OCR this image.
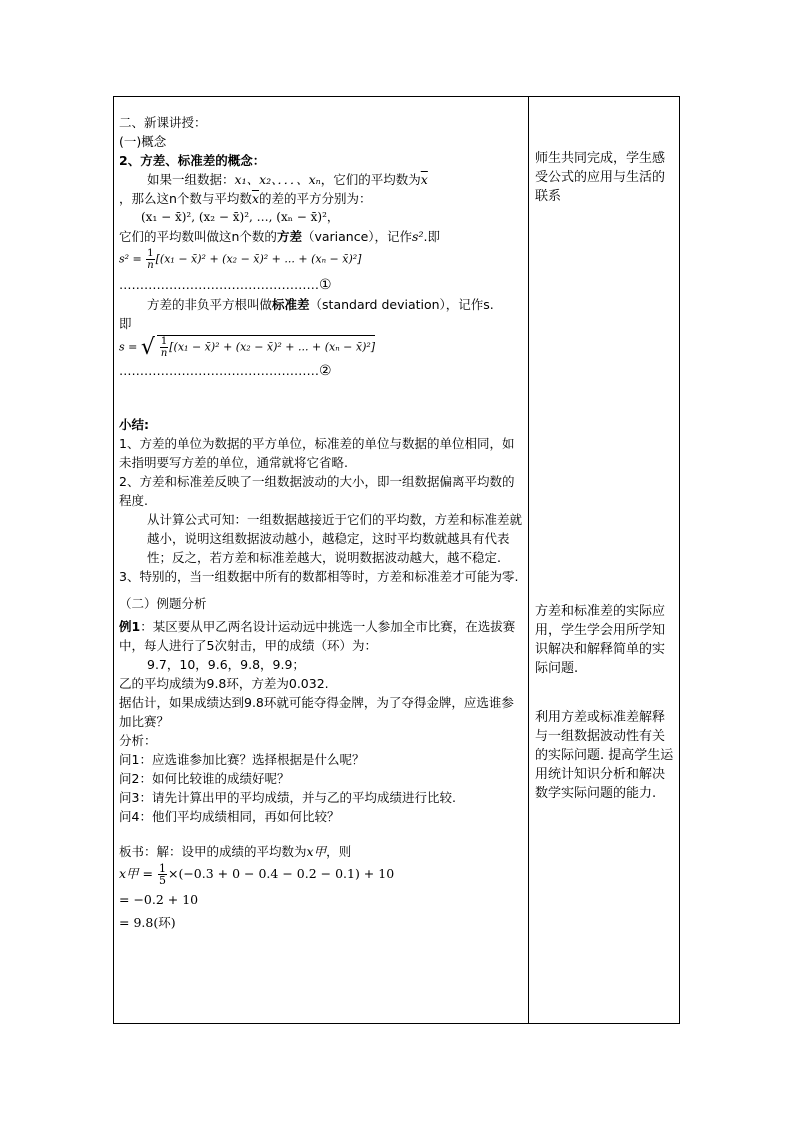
二、新课讲授：

(一)概念

2、方差、标准差的概念：

如果一组数据：x₁、x₂、．．．、xₙ，它们的平均数为$\overline{x}$

，那么这n个数与平均数$\overline{x}$的差的平方分别为：

(x₁ − x̄)², (x₂ − x̄)², …, (xₙ − x̄)²，

它们的平均数叫做这n个数的方差（variance），记作s².即

$s^2 = \frac{1}{n} [(x_1$ − x̄)² + (x₂ − x̄)² + ... + (xₙ − x̄)²]

…………………………………………①

方差的非负平方根叫做标准差（standard deviation），记作s.

即

s = √ $\frac{1}{n} [(x_1$ − x̄)² + (x₂ − x̄)² + ... + (xₙ − x̄)²]

…………………………………………②

小结:

1、方差的单位为数据的平方单位，标准差的单位与数据的单位相同，如未指明要写方差的单位，通常就将它省略.

2、方差和标准差反映了一组数据波动的大小，即一组数据偏离平均数的程度.

从计算公式可知：一组数据越接近于它们的平均数，方差和标准差就越小，说明这组数据波动越小，越稳定，这时平均数就越具有代表性；反之，若方差和标准差越大，说明数据波动越大，越不稳定.

3、特别的，当一组数据中所有的数都相等时，方差和标准差才可能为零.

（二）例题分析

例1：某区要从甲乙两名设计运动远中挑选一人参加全市比赛，在选拔赛中，每人进行了5次射击，甲的成绩（环）为：

9.7，10，9.6，9.8，9.9；

乙的平均成绩为9.8环，方差为0.032.

据估计，如果成绩达到9.8环就可能夺得金牌，为了夺得金牌，应选谁参加比赛？

分析：

问1：应选谁参加比赛？选择根据是什么呢？

问2：如何比较谁的成绩好呢？

问3：请先计算出甲的平均成绩，并与乙的平均成绩进行比较.

问4：他们平均成绩相同，再如何比较？

板书：解：设甲的成绩的平均数为x甲，则

x甲 = $\frac{1}{5} \times(-0.3 + 0 - 0.4 - 0.2 - 0.1) + 10$

= −0.2 + 10

= 9.8(环)

师生共同完成，学生感受公式的应用与生活的联系
方差和标准差的实际应用，学生学会用所学知识解决和解释简单的实际问题.
利用方差或标准差解释与一组数据波动性有关的实际问题. 提高学生运用统计知识分析和解决数学实际问题的能力.
